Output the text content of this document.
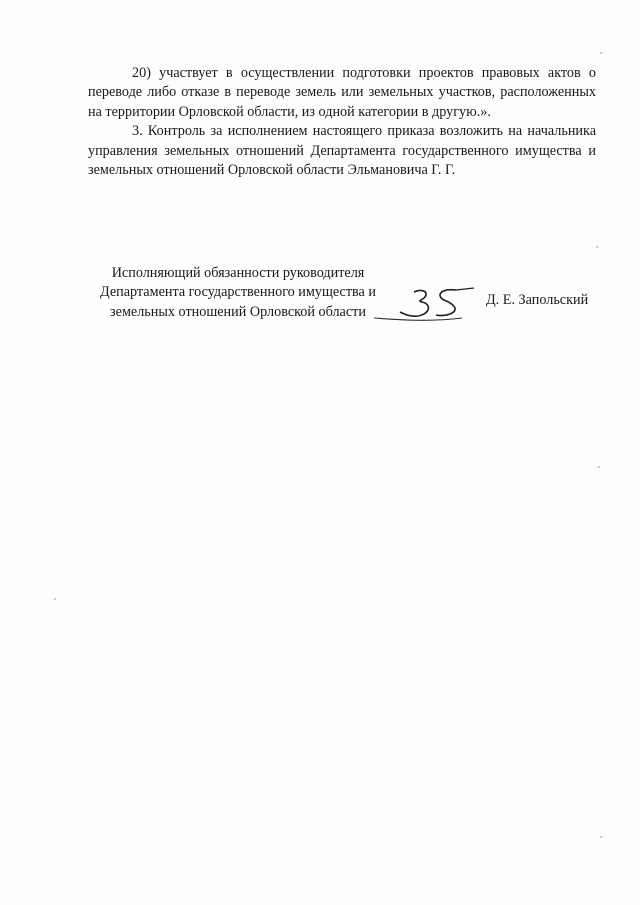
20) участвует в осуществлении подготовки проектов правовых актов о переводе либо отказе в переводе земель или земельных участков, расположенных на территории Орловской области, из одной категории в другую.».

3. Контроль за исполнением настоящего приказа возложить на начальника управления земельных отношений Департамента государственного имущества и земельных отношений Орловской области Эльмановича Г. Г.

Исполняющий обязанности руководителя
Департамента государственного имущества и
земельных отношений Орловской области
Д. Е. Запольский
